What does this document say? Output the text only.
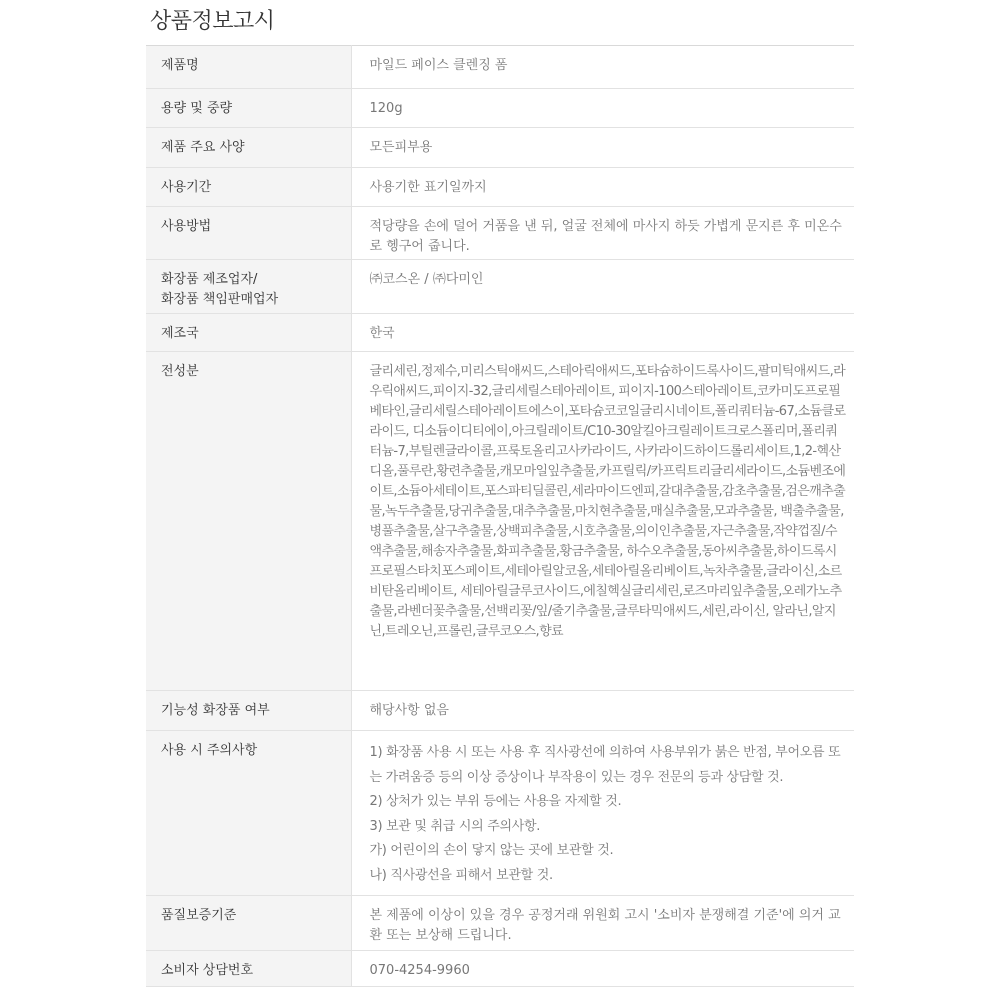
상품정보고시
제품명	마일드 페이스 클렌징 폼
용량 및 중량	120g
제품 주요 사양	모든피부용
사용기간	사용기한 표기일까지
사용방법	적당량을 손에 덜어 거품을 낸 뒤, 얼굴 전체에 마사지 하듯 가볍게 문지른 후 미온수로 헹구어 줍니다.

화장품 제조업자/
화장품 책임판매업자	㈜코스온 / ㈜다미인
제조국	한국
전성분	글리세린,정제수,미리스틱애씨드,스테아릭애씨드,포타슘하이드록사이드,팔미틱애씨드,라우릭애씨드,피이지-32,글리세릴스테아레이트, 피이지-100스테아레이트,코카미도프로필베타인,글리세릴스테아레이트에스이,포타슘코코일글리시네이트,폴리쿼터늄-67,소듐클로라이드, 디소듐이디티에이,아크릴레이트/C10-30알킬아크릴레이트크로스폴리머,폴리쿼터늄-7,부틸렌글라이콜,프룩토올리고사카라이드, 사카라이드하이드롤리세이트,1,2-헥산디올,풀루란,황련추출물,캐모마일잎추출물,카프릴릭/카프릭트리글리세라이드,소듐벤조에이트,소듐아세테이트,포스파티딜콜린,세라마이드엔피,갈대추출물,감초추출물,검은깨추출물,녹두추출물,당귀추출물,대추추출물,마치현추출물,매실추출물,모과추출물, 백출추출물,병풀추출물,살구추출물,상백피추출물,시호추출물,의이인추출물,자근추출물,작약껍질/수액추출물,해송자추출물,화피추출물,황금추출물, 하수오추출물,동아씨추출물,하이드록시프로필스타치포스페이트,세테아릴알코올,세테아릴올리베이트,녹차추출물,글라이신,소르비탄올리베이트, 세테아릴글루코사이드,에칠헥실글리세린,로즈마리잎추출물,오레가노추출물,라벤더꽃추출물,선백리꽃/잎/줄기추출물,글루타믹애씨드,세린,라이신, 알라닌,알지닌,트레오닌,프롤린,글루코오스,향료
기능성 화장품 여부	해당사항 없음
사용 시 주의사항	1) 화장품 사용 시 또는 사용 후 직사광선에 의하여 사용부위가 붉은 반점, 부어오름 또는 가려움증 등의 이상 증상이나 부작용이 있는 경우 전문의 등과 상담할 것.
2) 상처가 있는 부위 등에는 사용을 자제할 것.
3) 보관 및 취급 시의 주의사항.
가) 어린이의 손이 닿지 않는 곳에 보관할 것.
나) 직사광선을 피해서 보관할 것.

품질보증기준	본 제품에 이상이 있을 경우 공정거래 위원회 고시 '소비자 분쟁해결 기준'에 의거 교환 또는 보상해 드립니다.
소비자 상담번호	070-4254-9960
